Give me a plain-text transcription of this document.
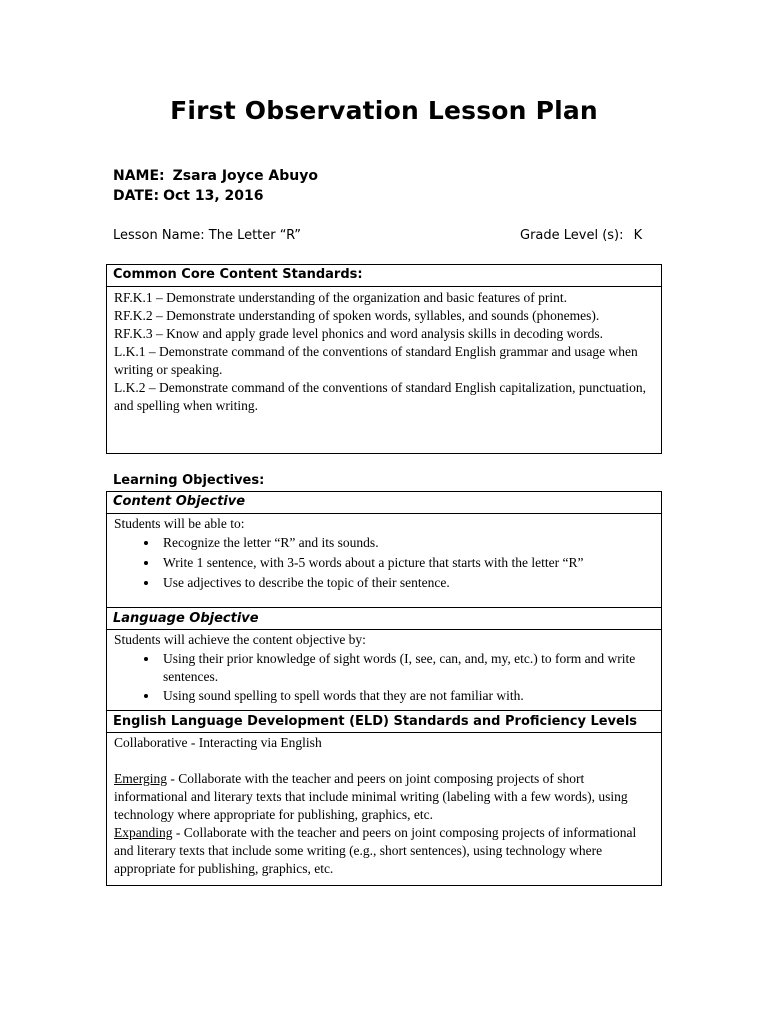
First Observation Lesson Plan
NAME: Zsara Joyce Abuyo
DATE: Oct 13, 2016
Lesson Name: The Letter “R”	Grade Level (s): K
Common Core Content Standards:

RF.K.1 – Demonstrate understanding of the organization and basic features of print.

RF.K.2 – Demonstrate understanding of spoken words, syllables, and sounds (phonemes).

RF.K.3 – Know and apply grade level phonics and word analysis skills in decoding words.

L.K.1 – Demonstrate command of the conventions of standard English grammar and usage when writing or speaking.

L.K.2 – Demonstrate command of the conventions of standard English capitalization, punctuation, and spelling when writing.

Learning Objectives:
Content Objective

Students will be able to:

• Recognize the letter “R” and its sounds.
• Write 1 sentence, with 3-5 words about a picture that starts with the letter “R”
• Use adjectives to describe the topic of their sentence.
Language Objective

Students will achieve the content objective by:

• Using their prior knowledge of sight words (I, see, can, and, my, etc.) to form and write sentences.
• Using sound spelling to spell words that they are not familiar with.
English Language Development (ELD) Standards and Proficiency Levels

Collaborative - Interacting via English

Emerging - Collaborate with the teacher and peers on joint composing projects of short informational and literary texts that include minimal writing (labeling with a few words), using technology where appropriate for publishing, graphics, etc.

Expanding - Collaborate with the teacher and peers on joint composing projects of informational and literary texts that include some writing (e.g., short sentences), using technology where appropriate for publishing, graphics, etc.
